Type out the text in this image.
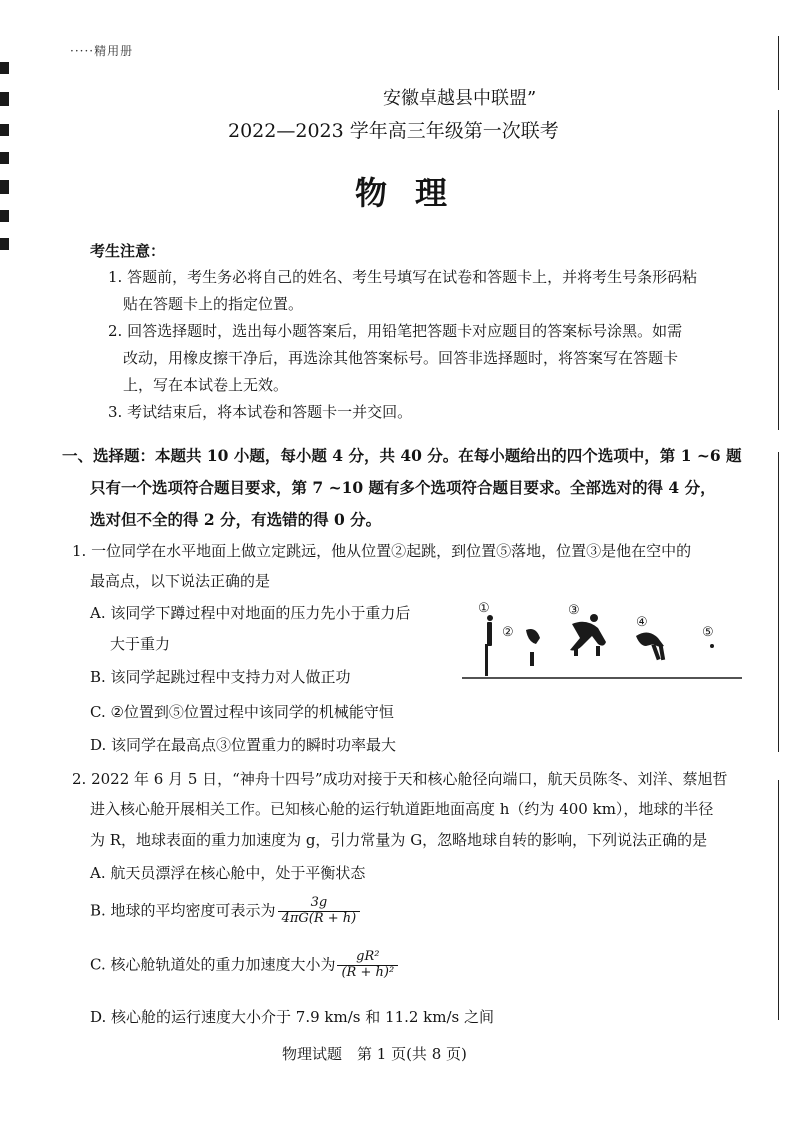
·····精用册
安徽卓越县中联盟”
2022—2023 学年高三年级第一次联考
物理
考生注意：
1. 答题前，考生务必将自己的姓名、考生号填写在试卷和答题卡上，并将考生号条形码粘
贴在答题卡上的指定位置。
2. 回答选择题时，选出每小题答案后，用铅笔把答题卡对应题目的答案标号涂黑。如需
改动，用橡皮擦干净后，再选涂其他答案标号。回答非选择题时，将答案写在答题卡
上，写在本试卷上无效。
3. 考试结束后，将本试卷和答题卡一并交回。
一、选择题：本题共 10 小题，每小题 4 分，共 40 分。在每小题给出的四个选项中，第 1 ~6 题
只有一个选项符合题目要求，第 7 ~10 题有多个选项符合题目要求。全部选对的得 4 分，
选对但不全的得 2 分，有选错的得 0 分。
1. 一位同学在水平地面上做立定跳远，他从位置②起跳，到位置⑤落地，位置③是他在空中的
最高点，以下说法正确的是
A. 该同学下蹲过程中对地面的压力先小于重力后
大于重力
B. 该同学起跳过程中支持力对人做正功
C. ②位置到⑤位置过程中该同学的机械能守恒
D. 该同学在最高点③位置重力的瞬时功率最大
①
②
③
④
⑤
2. 2022 年 6 月 5 日，“神舟十四号”成功对接于天和核心舱径向端口，航天员陈冬、刘洋、蔡旭哲
进入核心舱开展相关工作。已知核心舱的运行轨道距地面高度 h（约为 400 km），地球的半径
为 R，地球表面的重力加速度为 g，引力常量为 G，忽略地球自转的影响，下列说法正确的是
A. 航天员漂浮在核心舱中，处于平衡状态
B. 地球的平均密度可表示为 $\frac{3g}{4\pi G(R + h)}$
C. 核心舱轨道处的重力加速度大小为 $\frac{\text{gR²}}{\text{(R + h)²}}$
D. 核心舱的运行速度大小介于 7.9 km/s 和 11.2 km/s 之间
物理试题　第 1 页(共 8 页)
